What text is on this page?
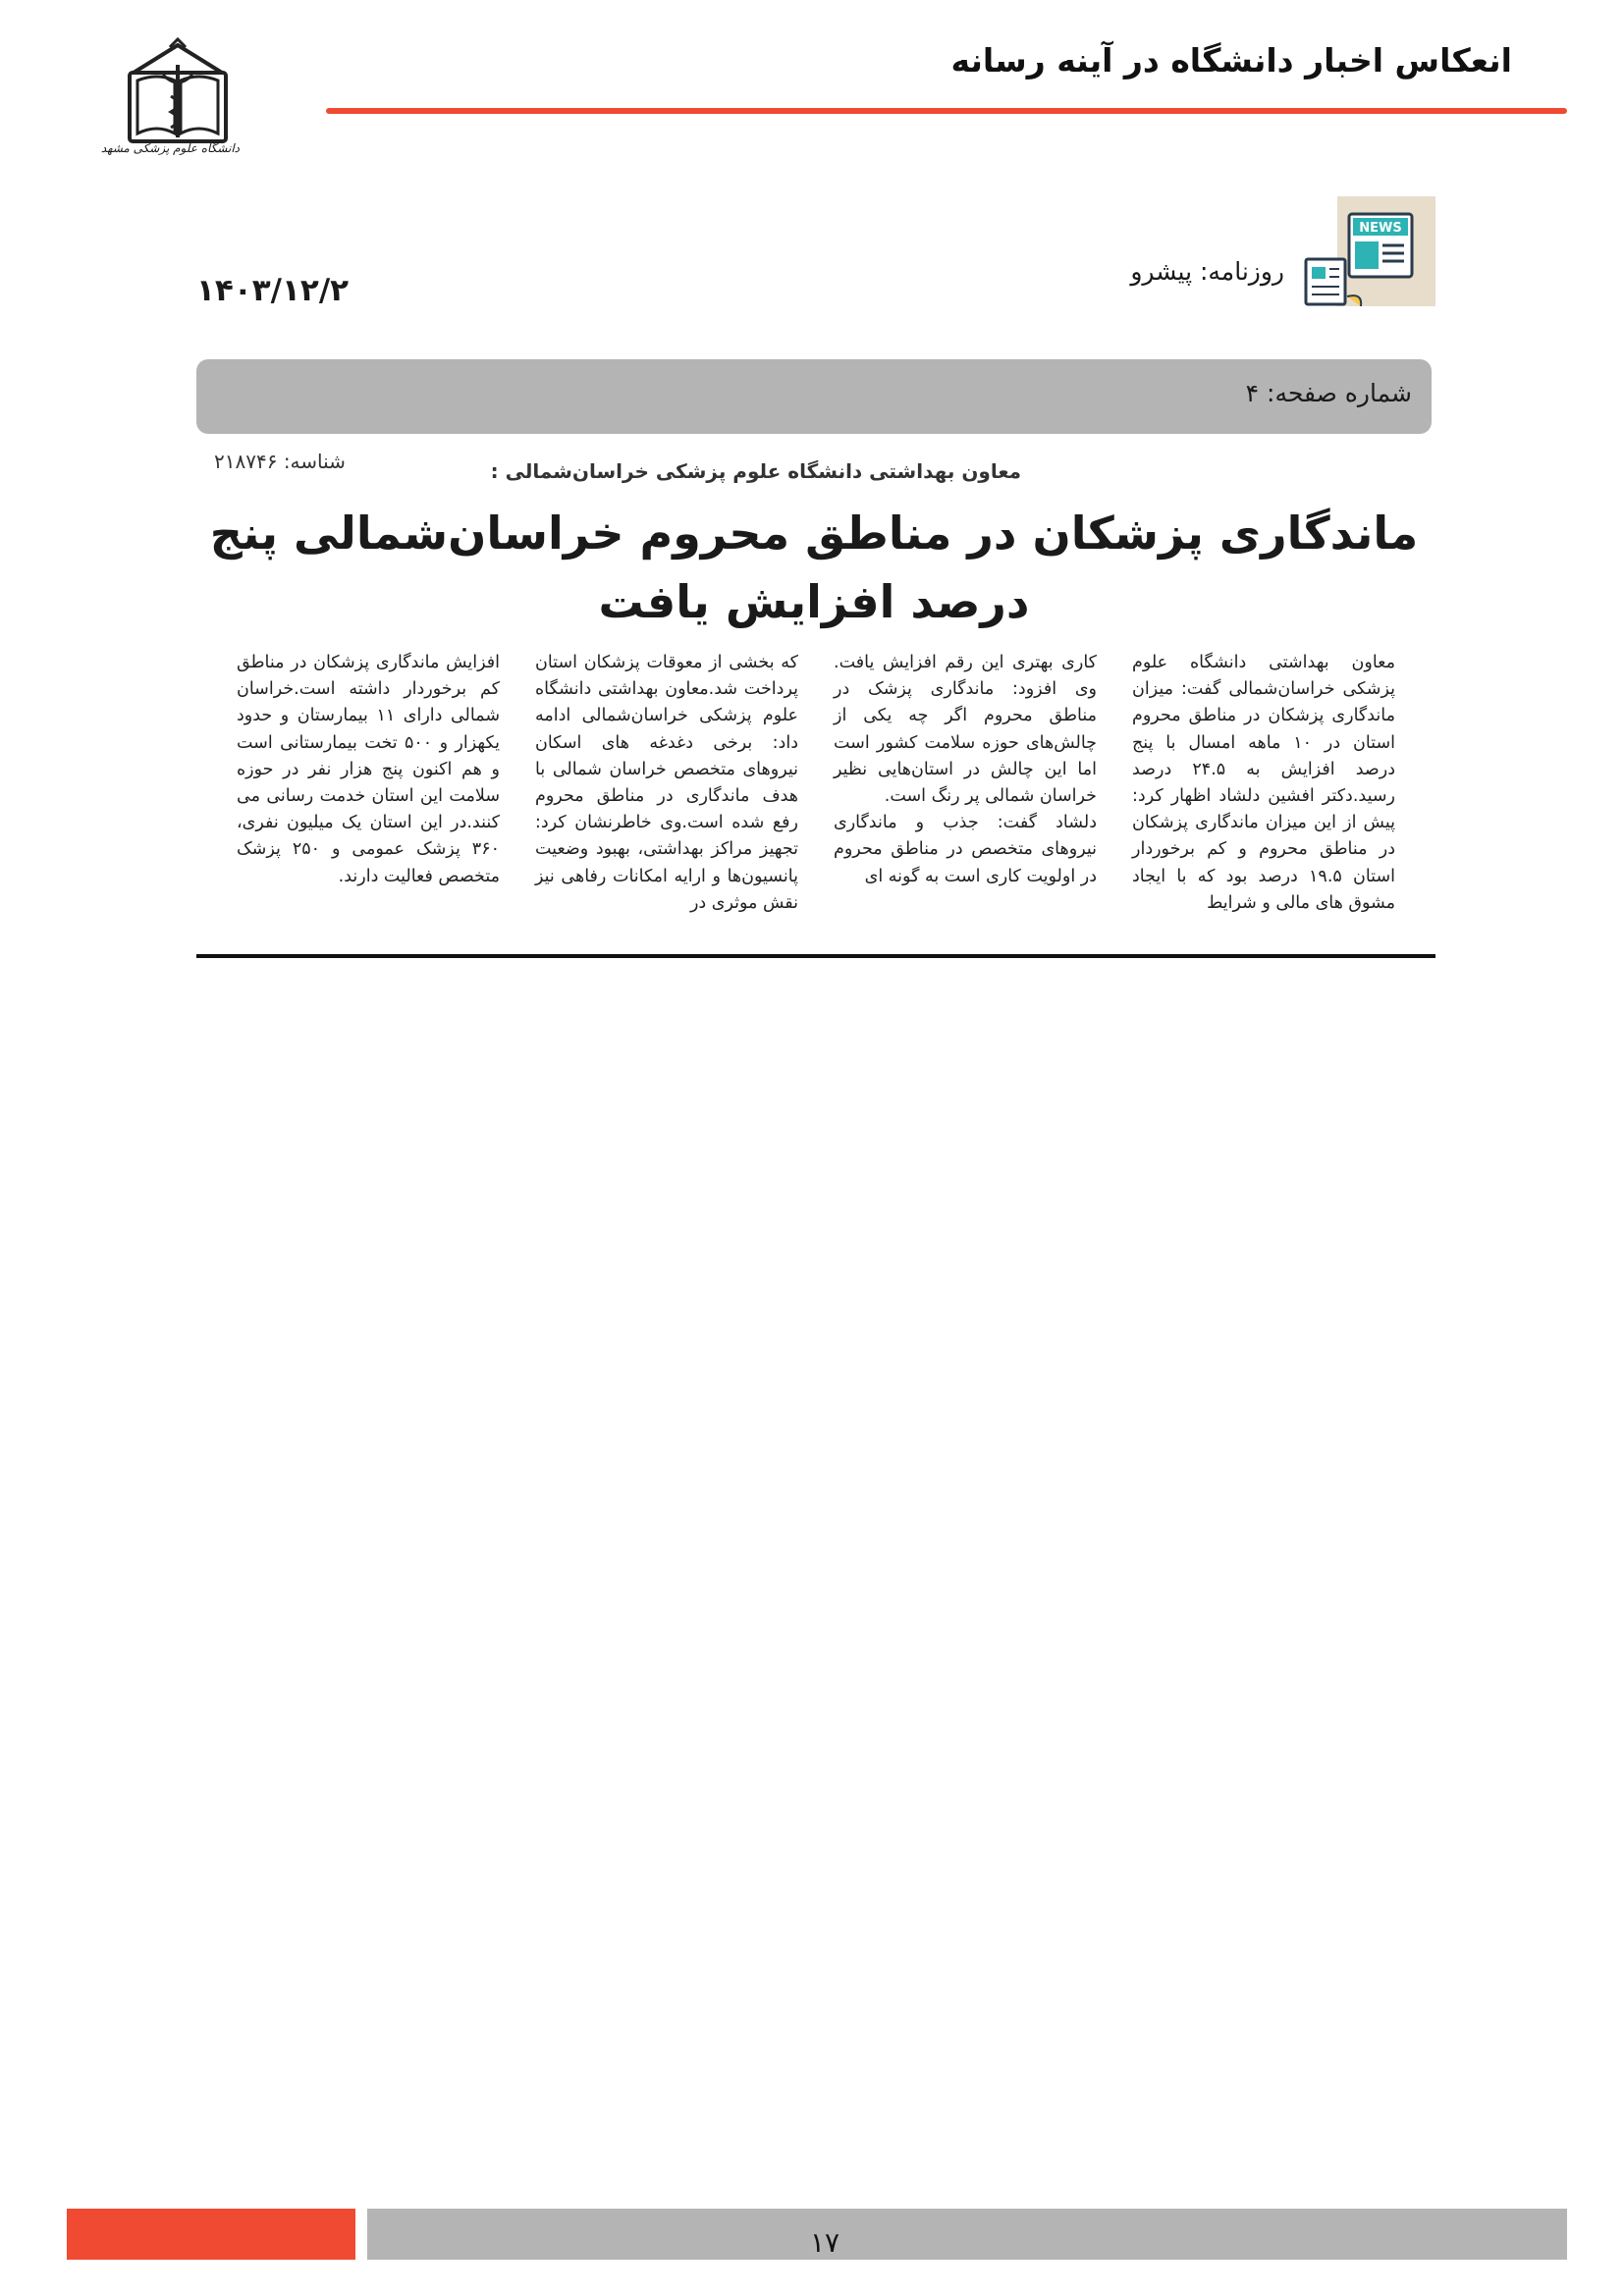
انعکاس اخبار دانشگاه در آینه رسانه
دانشگاه علوم پزشکی مشهد
NEWS
روزنامه: پیشرو
۱۴۰۳/۱۲/۲
شماره صفحه: ۴
شناسه: ۲۱۸۷۴۶	معاون بهداشتی دانشگاه علوم پزشکی خراسان‌شمالی :
ماندگاری پزشکان در مناطق محروم خراسان‌شمالی پنج درصد افزایش یافت

معاون بهداشتی دانشگاه علوم پزشکی خراسان‌شمالی گفت: میزان ماندگاری پزشکان در مناطق محروم استان در ۱۰ ماهه امسال با پنج درصد افزایش به ۲۴.۵ درصد رسید.دکتر افشین دلشاد اظهار کرد: پیش از این میزان ماندگاری پزشکان در مناطق محروم و کم برخوردار استان ۱۹.۵ درصد بود که با ایجاد مشوق های مالی و شرایط

کاری بهتری این رقم افزایش یافت. وی افزود: ماندگاری پزشک در مناطق محروم اگر چه یکی از چالش‌های حوزه سلامت کشور است اما این چالش در استان‌هایی نظیر خراسان شمالی پر رنگ است.

دلشاد گفت: جذب و ماندگاری نیروهای متخصص در مناطق محروم در اولویت کاری است به گونه ای

که بخشی از معوقات پزشکان استان پرداخت شد.معاون بهداشتی دانشگاه علوم پزشکی خراسان‌شمالی ادامه داد: برخی دغدغه های اسکان نیروهای متخصص خراسان شمالی با هدف ماندگاری در مناطق محروم رفع شده است.وی خاطرنشان کرد: تجهیز مراکز بهداشتی، بهبود وضعیت پانسیون‌ها و ارایه امکانات رفاهی نیز نقش موثری در

افزایش ماندگاری پزشکان در مناطق کم برخوردار داشته است.خراسان شمالی دارای ۱۱ بیمارستان و حدود یکهزار و ۵۰۰ تخت بیمارستانی است و هم اکنون پنج هزار نفر در حوزه سلامت این استان خدمت رسانی می کنند.در این استان یک میلیون نفری، ۳۶۰ پزشک عمومی و ۲۵۰ پزشک متخصص فعالیت دارند.

۱۷
